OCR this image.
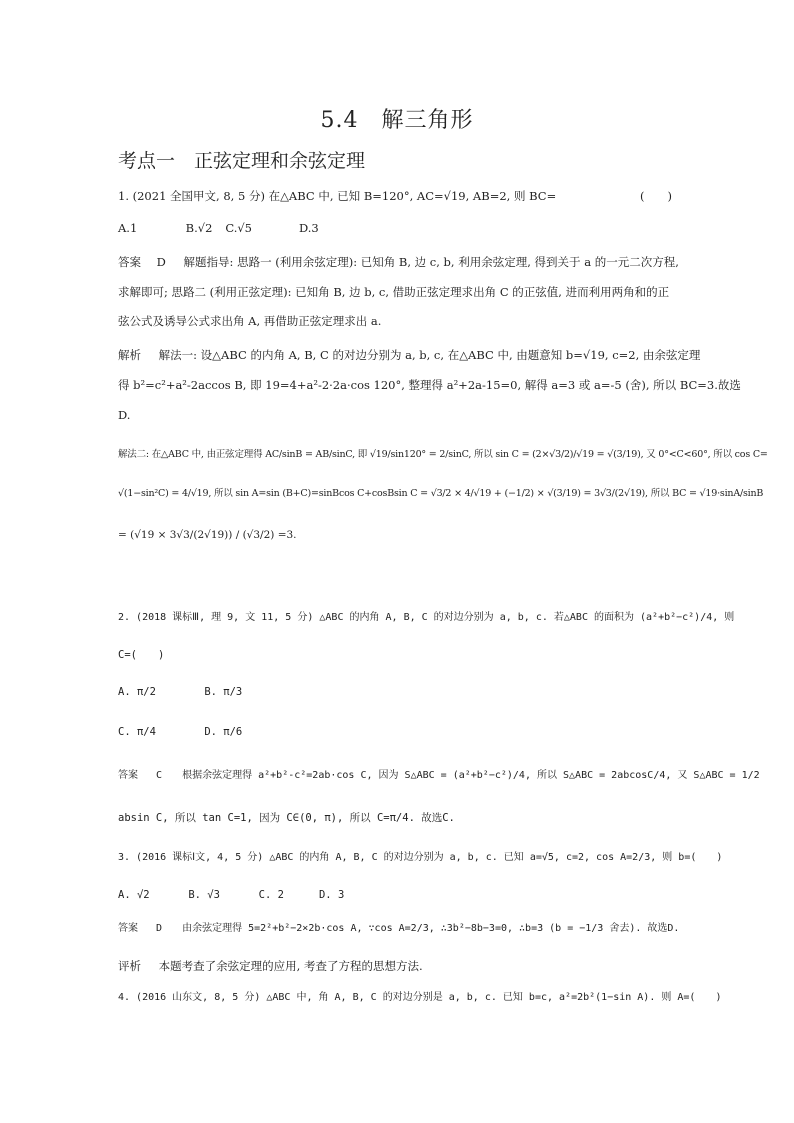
5.4　解三角形
考点一　正弦定理和余弦定理
1. (2021 全国甲文, 8, 5 分) 在△ABC 中, 已知 B=120°, AC=√19, AB=2, 则 BC=	(　　)
A.1	B.√2 C.√5	D.3
答案 D 解题指导: 思路一 (利用余弦定理): 已知角 B, 边 c, b, 利用余弦定理, 得到关于 a 的一元二次方程,
求解即可; 思路二 (利用正弦定理): 已知角 B, 边 b, c, 借助正弦定理求出角 C 的正弦值, 进而利用两角和的正
弦公式及诱导公式求出角 A, 再借助正弦定理求出 a.
解析 解法一: 设△ABC 的内角 A, B, C 的对边分别为 a, b, c, 在△ABC 中, 由题意知 b=√19, c=2, 由余弦定理
得 b²=c²+a²-2accos B, 即 19=4+a²-2·2a·cos 120°, 整理得 a²+2a-15=0, 解得 a=3 或 a=-5 (舍), 所以 BC=3.故选
D.
解法二: 在△ABC 中, 由正弦定理得 AC/sinB = AB/sinC, 即 √19/sin120° = 2/sinC, 所以 sin C = (2×√3/2)/√19 = √(3/19), 又 0°<C<60°, 所以 cos C=
√(1−sin²C) = 4/√19, 所以 sin A=sin (B+C)=sinBcos C+cosBsin C = √3/2 × 4/√19 + (−1/2) × √(3/19) = 3√3/(2√19), 所以 BC = √19·sinA/sinB
= (√19 × 3√3/(2√19)) / (√3/2) =3.
2. (2018 课标Ⅲ, 理 9, 文 11, 5 分) △ABC 的内角 A, B, C 的对边分别为 a, b, c. 若△ABC 的面积为 (a²+b²−c²)/4, 则
C=(　　)
A. π/2	B. π/3
C. π/4	D. π/6
答案 C 根据余弦定理得 a²+b²-c²=2ab·cos C, 因为 S△ABC = (a²+b²−c²)/4, 所以 S△ABC = 2abcosC/4, 又 S△ABC = 1/2
absin C, 所以 tan C=1, 因为 C∈(0, π), 所以 C=π/4. 故选C.
3. (2016 课标Ⅰ文, 4, 5 分) △ABC 的内角 A, B, C 的对边分别为 a, b, c. 已知 a=√5, c=2, cos A=2/3, 则 b=(　　)
A. √2	B. √3	C. 2	D. 3
答案 D 由余弦定理得 5=2²+b²−2×2b·cos A, ∵cos A=2/3, ∴3b²−8b−3=0, ∴b=3 (b = −1/3 舍去). 故选D.
评析 本题考查了余弦定理的应用, 考查了方程的思想方法.
4. (2016 山东文, 8, 5 分) △ABC 中, 角 A, B, C 的对边分别是 a, b, c. 已知 b=c, a²=2b²(1−sin A). 则 A=(　　)
